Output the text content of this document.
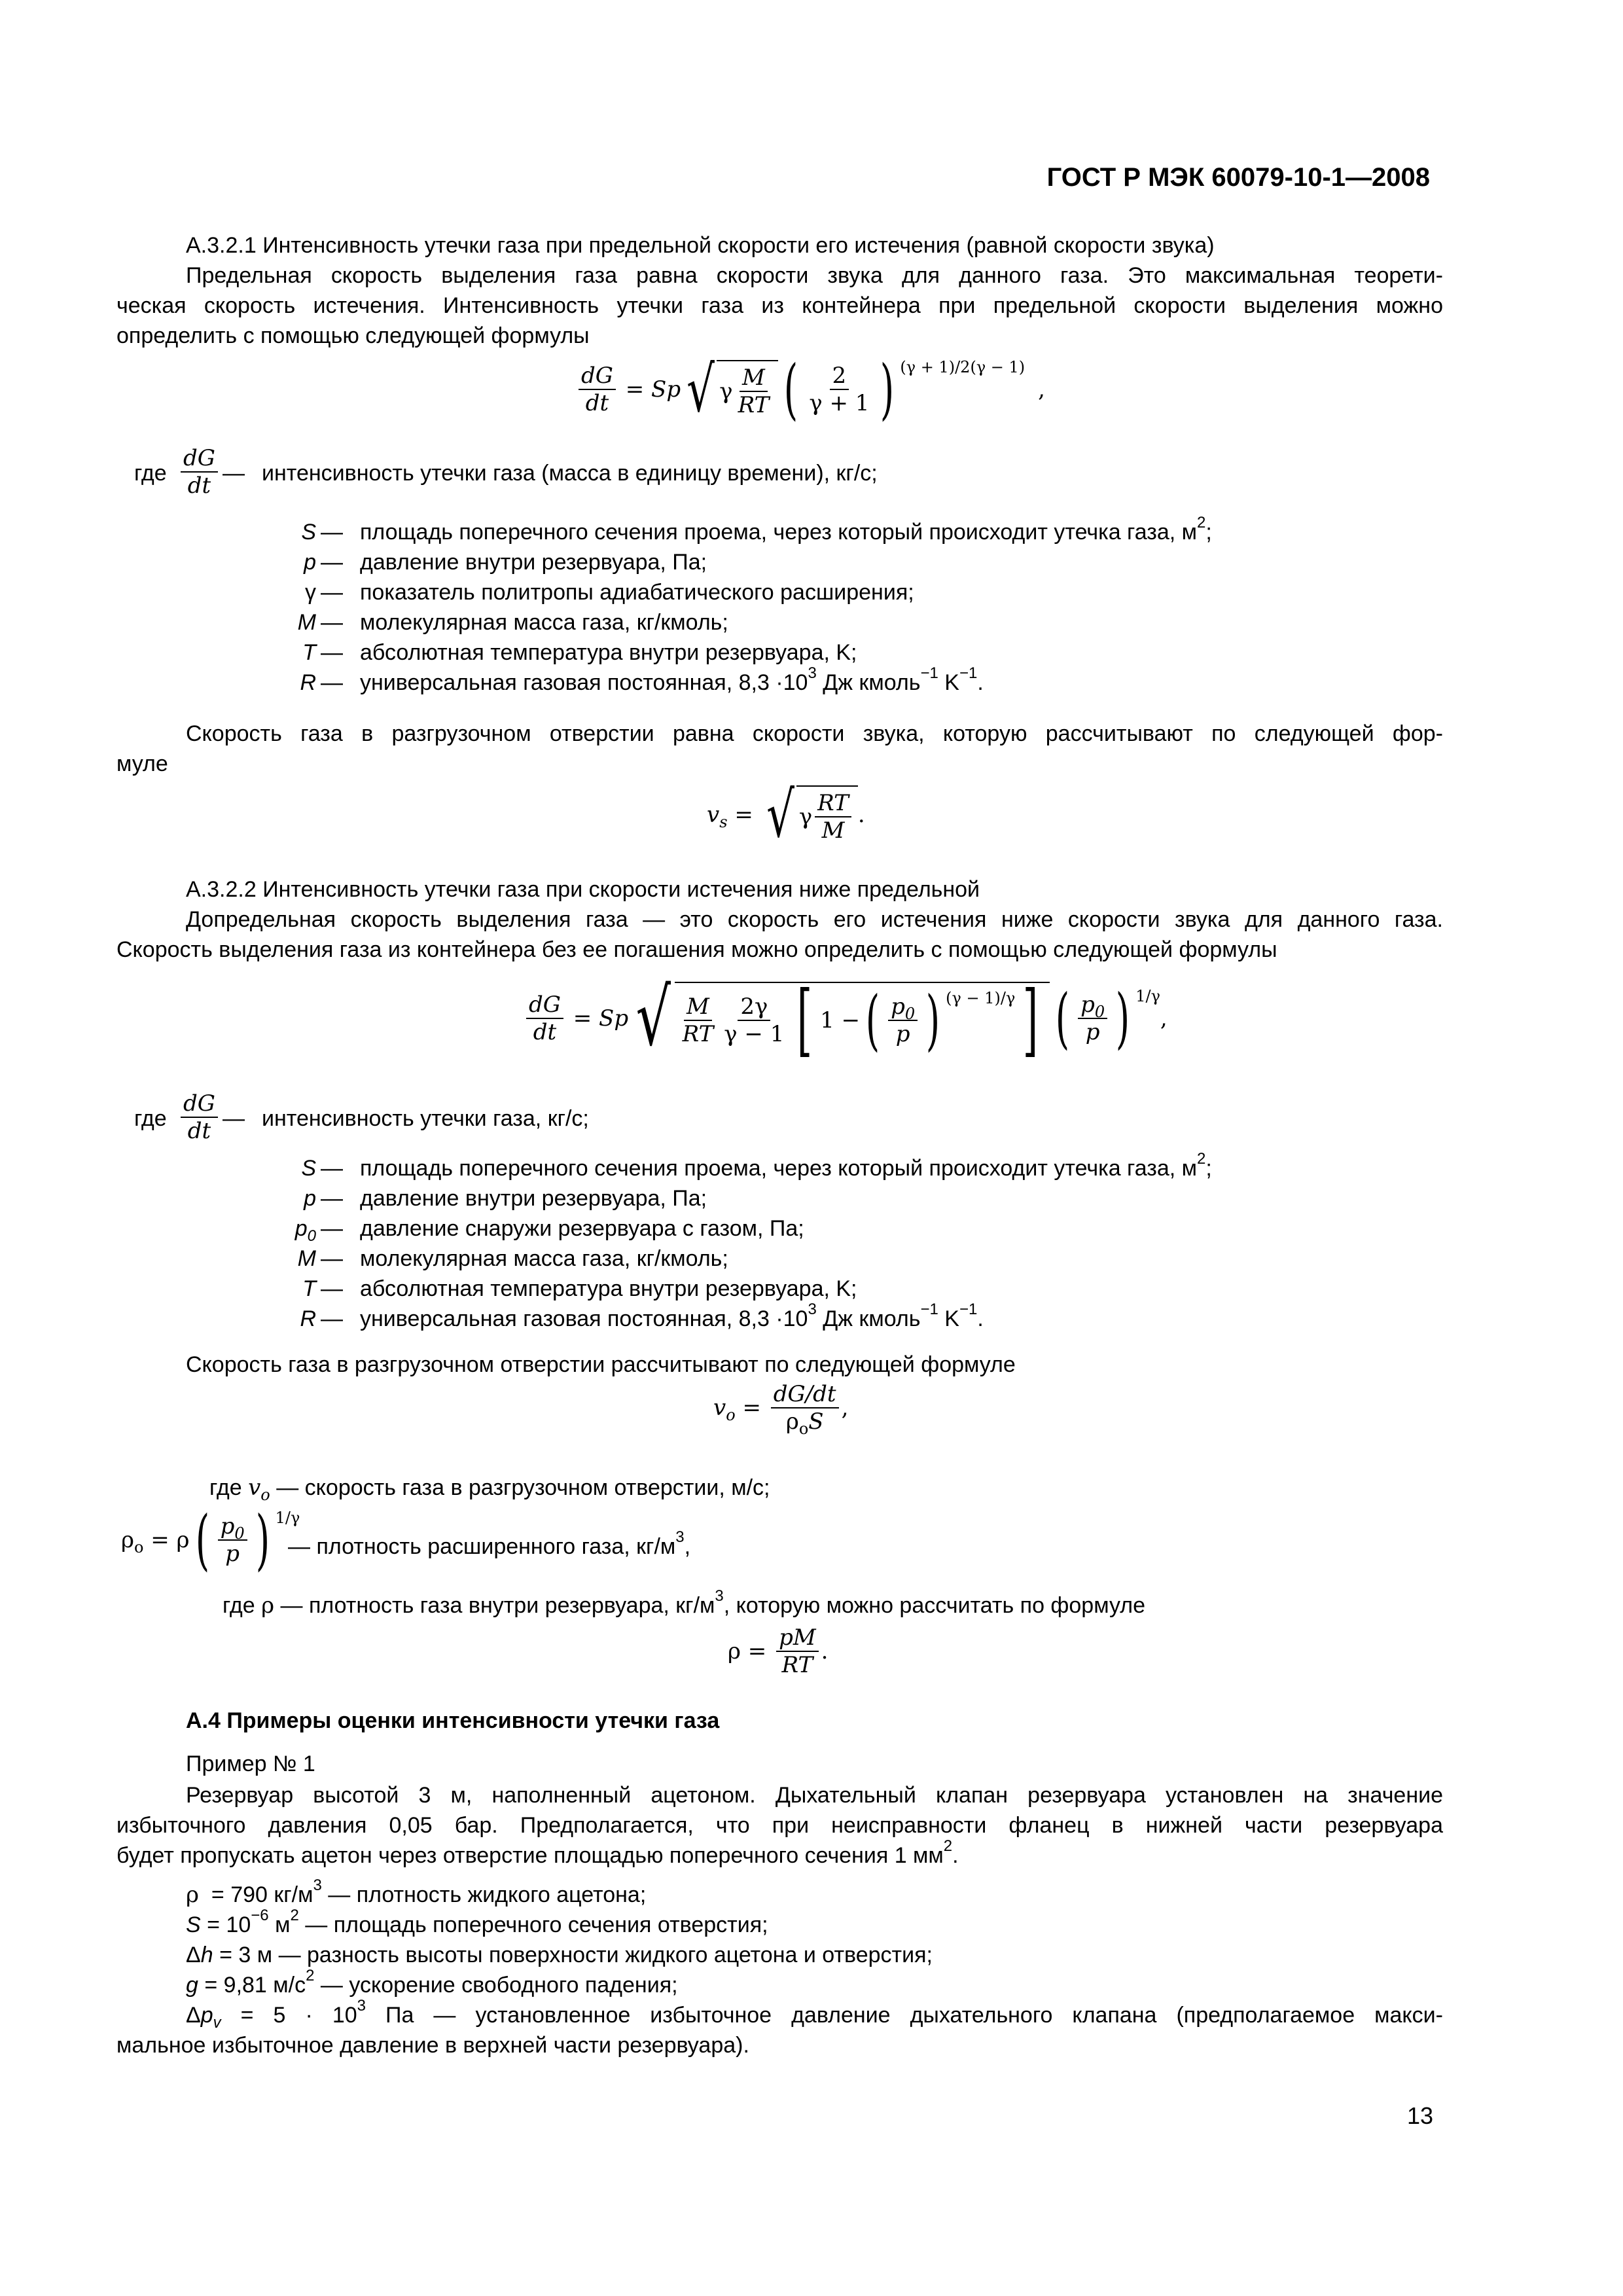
ГОСТ Р МЭК 60079-10-1—2008

А.3.2.1 Интенсивность утечки газа при предельной скорости его истечения (равной скорости звука)

Предельная скорость выделения газа равна скорости звука для данного газа. Это максимальная теорети-

ческая скорость истечения. Интенсивность утечки газа из контейнера при предельной скорости выделения можно

определить с помощью следующей формулы

$\frac{dG}{dt} = Sp$ √ γ $\frac{M}{RT}$ ( $\frac{2}{\gamma + 1}$ ) (γ + 1)/2(γ − 1)
,
где $\frac{dG}{dt}$ — интенсивность утечки газа (масса в единицу времени), кг/с;
S — площадь поперечного сечения проема, через который происходит утечка газа, $м^2$;
p — давление внутри резервуара, Па;
γ — показатель политропы адиабатического расширения;
M — молекулярная масса газа, кг/кмоль;
T — абсолютная температура внутри резервуара, K;
R — универсальная газовая постоянная, $8,3 \cdot 10^3$ Дж кмоль$^{-1}$ $K^{-1}$.

Скорость газа в разгрузочном отверстии равна скорости звука, которую рассчитывают по следующей фор-

муле

$v_s$ = √ γ $\frac{RT}{M}$ .

А.3.2.2 Интенсивность утечки газа при скорости истечения ниже предельной

Допредельная скорость выделения газа — это скорость его истечения ниже скорости звука для данного газа.

Скорость выделения газа из контейнера без ее погашения можно определить с помощью следующей формулы

$\frac{dG}{dt} = Sp$ √ $\frac{M}{RT} \frac{2\gamma}{\gamma - 1}$ [ 1 − ( $\frac{p_0}{p}$ ) (γ − 1)/γ ] ( $\frac{p_0}{p}$ ) 1/γ
,
где $\frac{dG}{dt}$ — интенсивность утечки газа, кг/с;
S — площадь поперечного сечения проема, через который происходит утечка газа, $м^2$;
p — давление внутри резервуара, Па;
$p_0$ — давление снаружи резервуара с газом, Па;
M — молекулярная масса газа, кг/кмоль;
T — абсолютная температура внутри резервуара, K;
R — универсальная газовая постоянная, $8,3 \cdot 10^3$ Дж кмоль$^{-1}$ $K^{-1}$.
Скорость газа в разгрузочном отверстии рассчитывают по следующей формуле
$v_o = \frac{dG/dt}{\rho_oS}$ ,
где $v_o$ — скорость газа в разгрузочном отверстии, м/с;
$\rho_o = \rho$ ( $\frac{p_0}{p}$ ) 1/γ
— плотность расширенного газа, $кг/м^3$,
где ρ — плотность газа внутри резервуара, $кг/м^3$, которую можно рассчитать по формуле
$\rho = \frac{pM}{RT}$ .
А.4 Примеры оценки интенсивности утечки газа
Пример № 1

Резервуар высотой 3 м, наполненный ацетоном. Дыхательный клапан резервуара установлен на значение

избыточного давления 0,05 бар. Предполагается, что при неисправности фланец в нижней части резервуара

будет пропускать ацетон через отверстие площадью поперечного сечения 1 $мм^2$.

ρ = 790 $кг/м^3$ — плотность жидкого ацетона;
$S = 10^{-6}$ $м^2$ — площадь поперечного сечения отверстия;
Δh = 3 м — разность высоты поверхности жидкого ацетона и отверстия;
g = 9,81 $м/с^2$ — ускорение свободного падения;
$\Delta p_v = 5 \cdot 10^3$ Па — установленное избыточное давление дыхательного клапана (предполагаемое макси-
мальное избыточное давление в верхней части резервуара).
13
